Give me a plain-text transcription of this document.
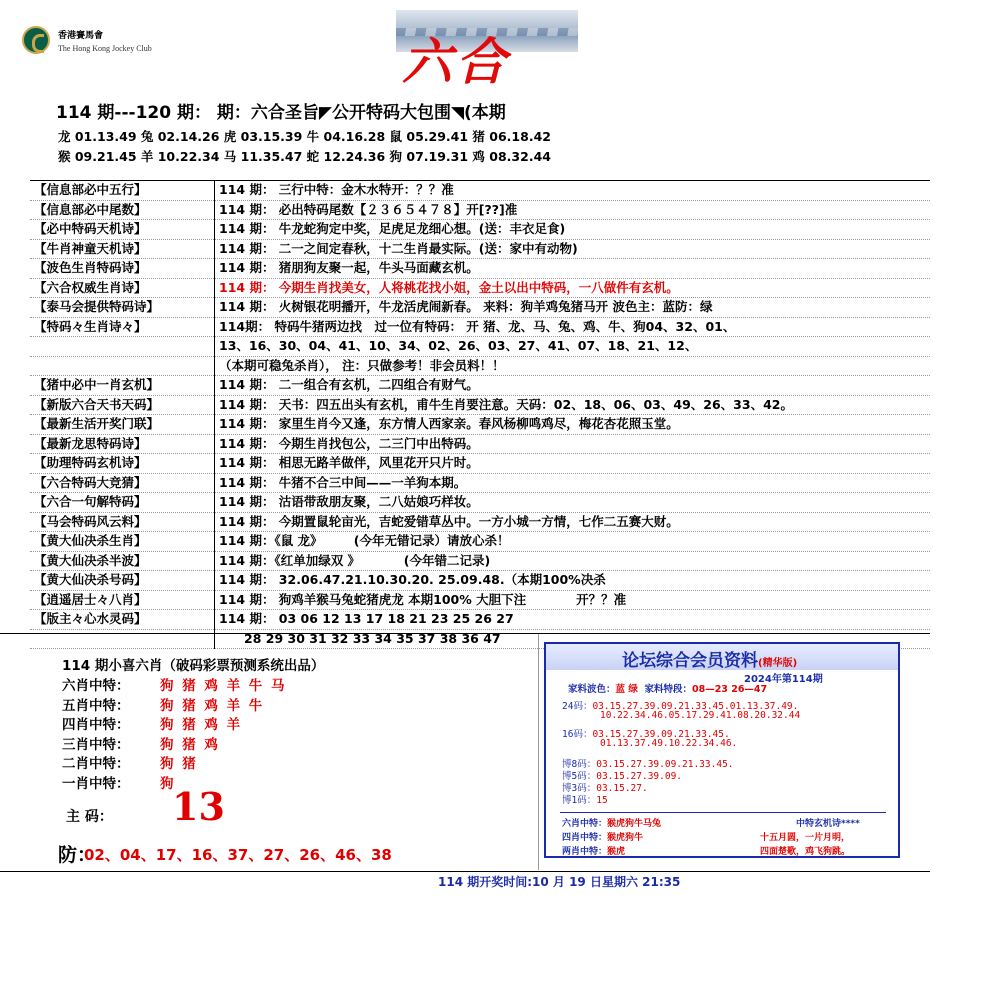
香港賽馬會
The Hong Kong Jockey Club	六合
114 期---120 期： 期：六合圣旨◤公开特码大包围◥(本期
龙 01.13.49 兔 02.14.26 虎 03.15.39 牛 04.16.28 鼠 05.29.41 猪 06.18.42
猴 09.21.45 羊 10.22.34 马 11.35.47 蛇 12.24.36 狗 07.19.31 鸡 08.32.44
【信息部必中五行】	114 期： 三行中特：金木水特开：？？准
【信息部必中尾数】	114 期： 必出特码尾数【２３６５４７８】开[??]准
【必中特码天机诗】	114 期： 牛龙蛇狗定中奖，足虎足龙细心想。(送：丰衣足食)
【牛肖神童天机诗】	114 期： 二一之间定春秋，十二生肖最实际。(送：家中有动物)
【波色生肖特码诗】	114 期： 猪朋狗友聚一起，牛头马面藏玄机。
【六合权威生肖诗】	114 期： 今期生肖找美女，人将桃花找小姐，金土以出中特码，一八做件有玄机。
【泰马会提供特码诗】	114 期： 火树银花明播开，牛龙活虎闹新春。 来料：狗羊鸡兔猪马开 波色主：蓝防：绿
【特码々生肖诗々】	114期： 特码牛猪两边找　过一位有特码： 开 猪、龙、马、兔、鸡、牛、狗04、32、01、
	13、16、30、04、41、10、34、02、26、03、27、41、07、18、21、12、
	（本期可稳兔杀肖）， 注：只做参考！非会员料！！
【猪中必中一肖玄机】	114 期： 二一组合有玄机，二四组合有财气。
【新版六合天书天码】	114 期： 天书：四五出头有玄机，甫牛生肖要注意。天码：02、18、06、03、49、26、33、42。
【最新生活开奖门联】	114 期： 家里生肖今又逢，东方情人西家亲。春风杨柳鸣鸡尽，梅花杏花照玉堂。
【最新龙思特码诗】	114 期： 今期生肖找包公，二三门中出特码。
【助理特码玄机诗】	114 期： 相思无路羊做伴，风里花开只片时。
【六合特码大竞猜】	114 期： 牛猪不合三中间——一羊狗本期。
【六合一句解特码】	114 期： 沽语带敌朋友聚，二八姑娘巧样妆。
【马会特码风云料】	114 期： 今期置鼠轮亩光，吉蛇爱错草丛中。一方小城一方情，七作二五赛大财。
【黄大仙决杀生肖】	114 期：《鼠 龙》　　　(今年无错记录）请放心杀！
【黄大仙决杀半波】	114 期：《红单加绿双 》　　　　(今年错二记录)
【黄大仙决杀号码】	114 期： 32.06.47.21.10.30.20. 25.09.48.（本期100%决杀
【逍遥居士々八肖】	114 期： 狗鸡羊猴马兔蛇猪虎龙 本期100% 大胆下注　　　　开？？准
【版主々心水灵码】	114 期： 03 06 12 13 17 18 21 23 25 26 27
	　　28 29 30 31 32 33 34 35 37 38 36 47
114 期小喜六肖（破码彩票预测系统出品）
六肖中特： 狗 猪 鸡 羊 牛 马
五肖中特： 狗 猪 鸡 羊 牛
四肖中特： 狗 猪 鸡 羊
三肖中特： 狗 猪 鸡
二肖中特： 狗 猪
一肖中特： 狗
主 码： 13
防：
02、04、17、16、37、27、26、46、38
论坛综合会员资料(精华版)
2024年第114期
家料波色：蓝 绿 家料特段：08—23 26—47
24码：03.15.27.39.09.21.33.45.01.13.37.49.
10.22.34.46.05.17.29.41.08.20.32.44
16码：03.15.27.39.09.21.33.45.
01.13.37.49.10.22.34.46.
博8码：03.15.27.39.09.21.33.45.
博5码：03.15.27.39.09.
博3码：03.15.27.
博1码：15
六肖中特：猴虎狗牛马兔
四肖中特：猴虎狗牛
两肖中特：猴虎
中特玄机诗****
十五月圆，一片月明，
四面楚歌，鸡飞狗跳。
114 期开奖时间:10 月 19 日星期六 21:35
